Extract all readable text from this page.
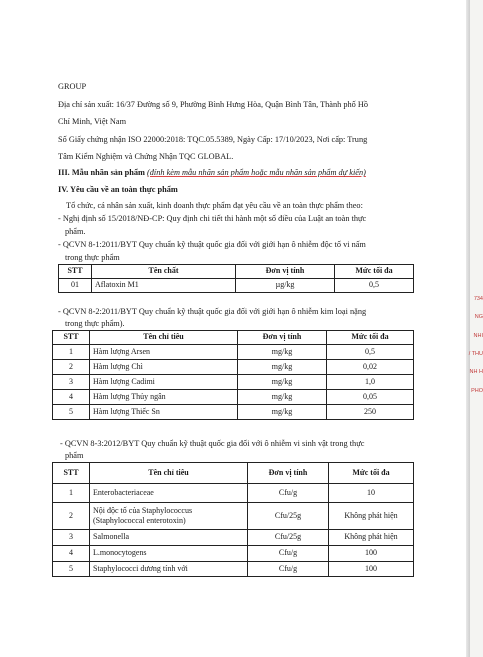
GROUP
Địa chỉ sản xuất: 16/37 Đường số 9, Phường Bình Hưng Hòa, Quận Bình Tân, Thành phố Hồ
Chí Minh, Việt Nam
Số Giấy chứng nhận ISO 22000:2018: TQC.05.5389, Ngày Cấp: 17/10/2023, Nơi cấp: Trung
Tâm Kiểm Nghiệm và Chứng Nhận TQC GLOBAL.
III. Mẫu nhãn sản phẩm (đính kèm mẫu nhãn sản phẩm hoặc mẫu nhãn sản phẩm dự kiến)
IV. Yêu cầu về an toàn thực phẩm
Tổ chức, cá nhân sản xuất, kinh doanh thực phẩm đạt yêu cầu về an toàn thực phẩm theo:
- Nghị định số 15/2018/NĐ-CP: Quy định chi tiết thi hành một số điều của Luật an toàn thực
phẩm.
- QCVN 8-1:2011/BYT Quy chuẩn kỹ thuật quốc gia đối với giới hạn ô nhiễm độc tố vi nấm
trong thực phẩm
STT	Tên chất	Đơn vị tính	Mức tối đa
01	Aflatoxin M1	µg/kg	0,5
- QCVN 8-2:2011/BYT Quy chuẩn kỹ thuật quốc gia đối với giới hạn ô nhiễm kim loại nặng
trong thực phẩm).
STT	Tên chỉ tiêu	Đơn vị tính	Mức tối đa
1	Hàm lượng Arsen	mg/kg	0,5
2	Hàm lượng Chì	mg/kg	0,02
3	Hàm lượng Cadimi	mg/kg	1,0
4	Hàm lượng Thủy ngân	mg/kg	0,05
5	Hàm lượng Thiếc Sn	mg/kg	250
- QCVN 8-3:2012/BYT Quy chuẩn kỹ thuật quốc gia đối với ô nhiễm vi sinh vật trong thực
phẩm
STT	Tên chỉ tiêu	Đơn vị tính	Mức tối đa
1	Enterobacteriaceae	Cfu/g	10
2	Nội độc tố của Staphylococcus (Staphylococcal enterotoxin)	Cfu/25g	Không phát hiện
3	Salmonella	Cfu/25g	Không phát hiện
4	L.monocytogens	Cfu/g	100
5	Staphylococci dương tính với	Cfu/g	100
734
NG
NHI
/ THU
NH H
PHO
